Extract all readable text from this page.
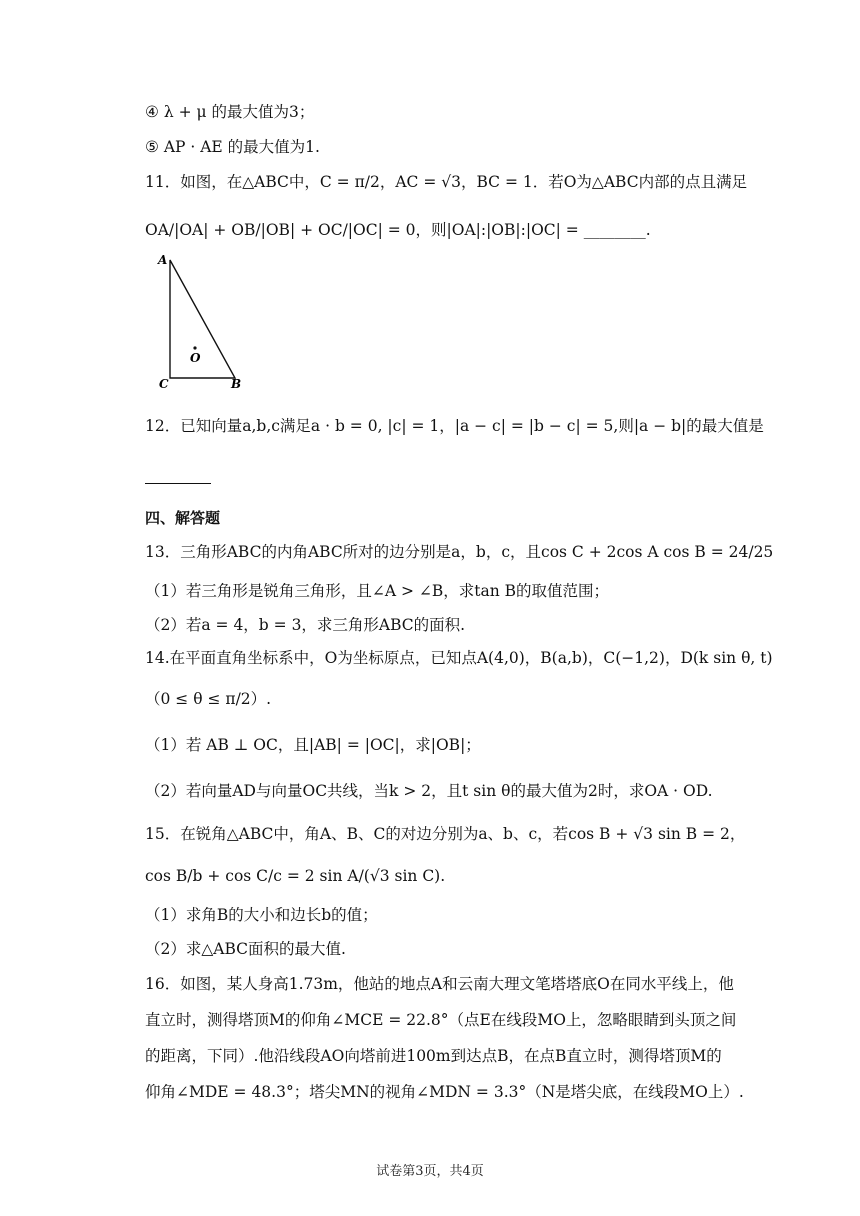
④ λ + μ 的最大值为3；
⑤ AP · AE 的最大值为1.
11．如图，在△ABC中，C = π/2，AC = √3，BC = 1．若O为△ABC内部的点且满足
OA/|OA| + OB/|OB| + OC/|OC| = 0，则|OA|:|OB|:|OC| = ________.
A
C	B
O
12．已知向量a,b,c满足a · b = 0, |c| = 1，|a − c| = |b − c| = 5,则|a − b|的最大值是
四、解答题
13．三角形ABC的内角ABC所对的边分别是a，b，c，且cos C + 2cos A cos B = 24/25
（1）若三角形是锐角三角形，且∠A > ∠B，求tan B的取值范围；
（2）若a = 4，b = 3，求三角形ABC的面积.
14.在平面直角坐标系中，O为坐标原点，已知点A(4,0)，B(a,b)，C(−1,2)，D(k sin θ, t)
（0 ≤ θ ≤ π/2）.
（1）若 AB ⊥ OC，且|AB| = |OC|，求|OB|；
（2）若向量AD与向量OC共线，当k > 2，且t sin θ的最大值为2时，求OA · OD.
15．在锐角△ABC中，角A、B、C的对边分别为a、b、c，若cos B + √3 sin B = 2，
cos B/b + cos C/c = 2 sin A/(√3 sin C).
（1）求角B的大小和边长b的值；
（2）求△ABC面积的最大值.
16．如图，某人身高1.73m，他站的地点A和云南大理文笔塔塔底O在同水平线上，他
直立时，测得塔顶M的仰角∠MCE = 22.8°（点E在线段MO上，忽略眼睛到头顶之间
的距离，下同）.他沿线段AO向塔前进100m到达点B，在点B直立时，测得塔顶M的
仰角∠MDE = 48.3°；塔尖MN的视角∠MDN = 3.3°（N是塔尖底，在线段MO上）.
试卷第3页，共4页
